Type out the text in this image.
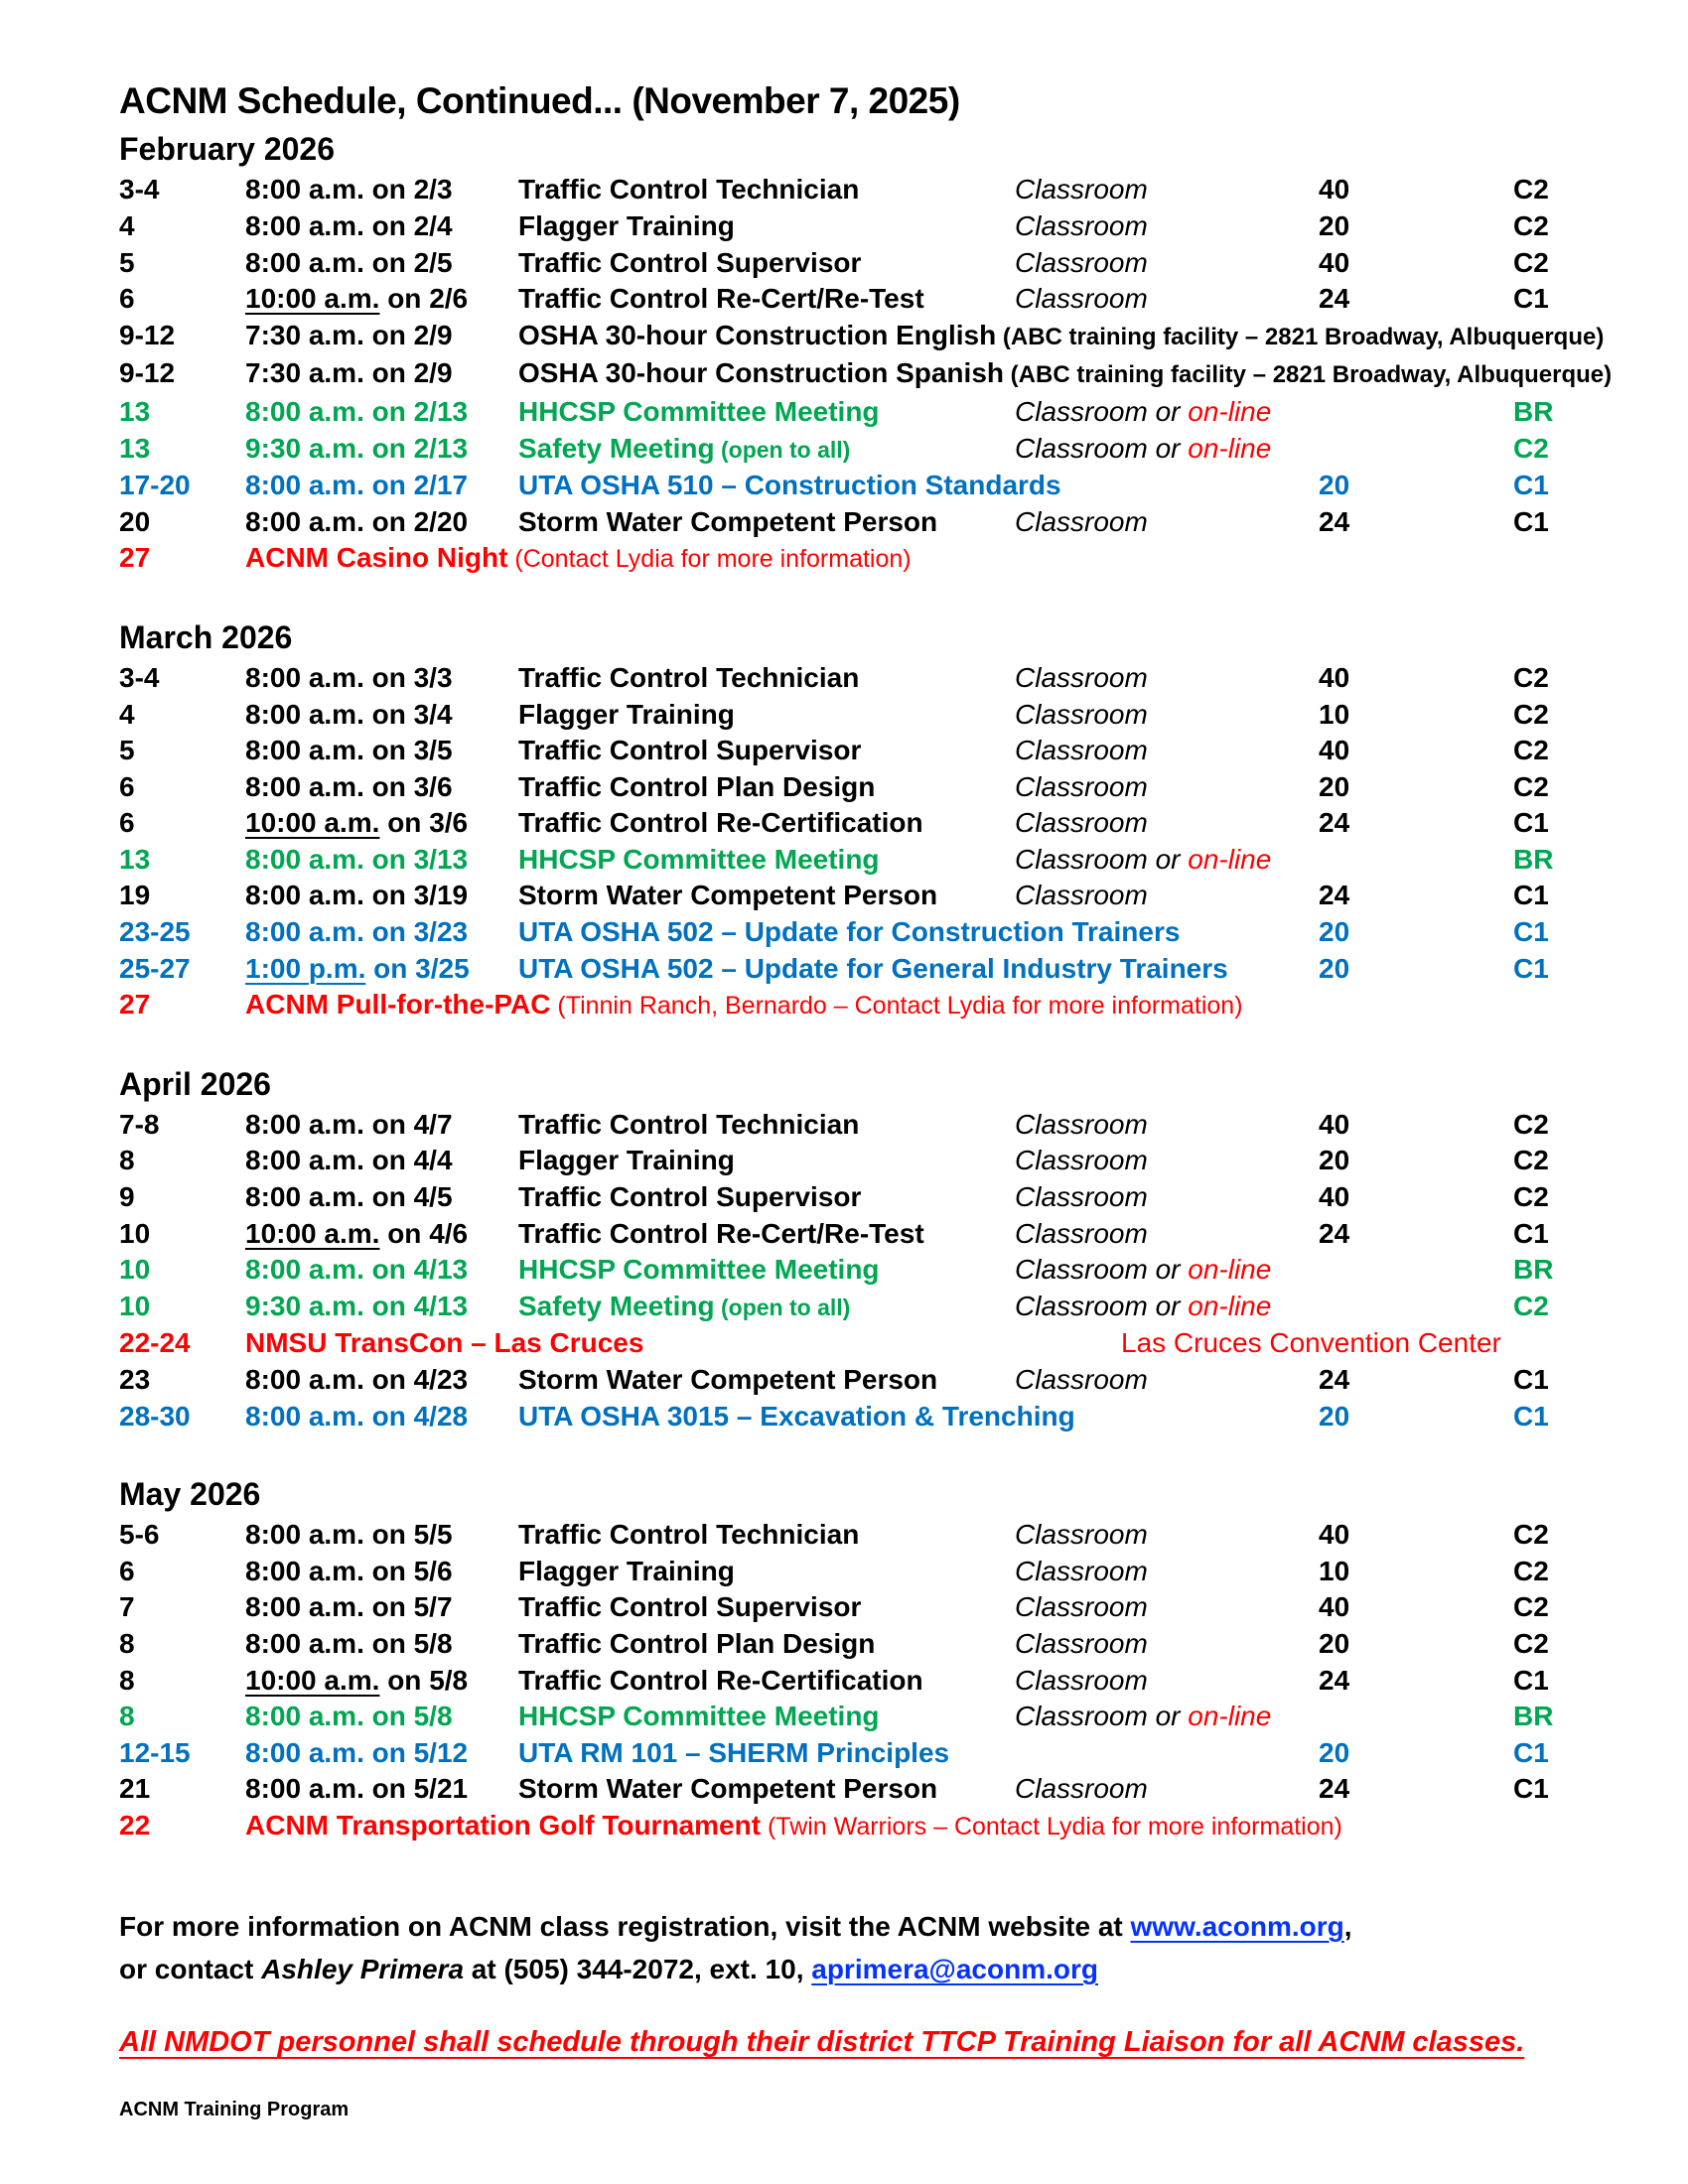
ACNM Schedule, Continued... (November 7, 2025)
February 2026
3-4	8:00 a.m. on 2/3	Traffic Control Technician	Classroom	40	C2
4	8:00 a.m. on 2/4	Flagger Training	Classroom	20	C2
5	8:00 a.m. on 2/5	Traffic Control Supervisor	Classroom	40	C2
6	10:00 a.m. on 2/6	Traffic Control Re-Cert/Re-Test	Classroom	24	C1
9-12	7:30 a.m. on 2/9	OSHA 30-hour Construction English (ABC training facility – 2821 Broadway, Albuquerque)
9-12	7:30 a.m. on 2/9	OSHA 30-hour Construction Spanish (ABC training facility – 2821 Broadway, Albuquerque)
13	8:00 a.m. on 2/13	HHCSP Committee Meeting	Classroom or on-line	BR
13	9:30 a.m. on 2/13	Safety Meeting (open to all)	Classroom or on-line	C2
17-20	8:00 a.m. on 2/17	UTA OSHA 510 – Construction Standards	20	C1
20	8:00 a.m. on 2/20	Storm Water Competent Person	Classroom	24	C1
27	ACNM Casino Night (Contact Lydia for more information)
March 2026
3-4	8:00 a.m. on 3/3	Traffic Control Technician	Classroom	40	C2
4	8:00 a.m. on 3/4	Flagger Training	Classroom	10	C2
5	8:00 a.m. on 3/5	Traffic Control Supervisor	Classroom	40	C2
6	8:00 a.m. on 3/6	Traffic Control Plan Design	Classroom	20	C2
6	10:00 a.m. on 3/6	Traffic Control Re-Certification	Classroom	24	C1
13	8:00 a.m. on 3/13	HHCSP Committee Meeting	Classroom or on-line	BR
19	8:00 a.m. on 3/19	Storm Water Competent Person	Classroom	24	C1
23-25	8:00 a.m. on 3/23	UTA OSHA 502 – Update for Construction Trainers	20	C1
25-27	1:00 p.m. on 3/25	UTA OSHA 502 – Update for General Industry Trainers	20	C1
27	ACNM Pull-for-the-PAC (Tinnin Ranch, Bernardo – Contact Lydia for more information)
April 2026
7-8	8:00 a.m. on 4/7	Traffic Control Technician	Classroom	40	C2
8	8:00 a.m. on 4/4	Flagger Training	Classroom	20	C2
9	8:00 a.m. on 4/5	Traffic Control Supervisor	Classroom	40	C2
10	10:00 a.m. on 4/6	Traffic Control Re-Cert/Re-Test	Classroom	24	C1
10	8:00 a.m. on 4/13	HHCSP Committee Meeting	Classroom or on-line	BR
10	9:30 a.m. on 4/13	Safety Meeting (open to all)	Classroom or on-line	C2
22-24	NMSU TransCon – Las Cruces	Las Cruces Convention Center
23	8:00 a.m. on 4/23	Storm Water Competent Person	Classroom	24	C1
28-30	8:00 a.m. on 4/28	UTA OSHA 3015 – Excavation & Trenching	20	C1
May 2026
5-6	8:00 a.m. on 5/5	Traffic Control Technician	Classroom	40	C2
6	8:00 a.m. on 5/6	Flagger Training	Classroom	10	C2
7	8:00 a.m. on 5/7	Traffic Control Supervisor	Classroom	40	C2
8	8:00 a.m. on 5/8	Traffic Control Plan Design	Classroom	20	C2
8	10:00 a.m. on 5/8	Traffic Control Re-Certification	Classroom	24	C1
8	8:00 a.m. on 5/8	HHCSP Committee Meeting	Classroom or on-line	BR
12-15	8:00 a.m. on 5/12	UTA RM 101 – SHERM Principles	20	C1
21	8:00 a.m. on 5/21	Storm Water Competent Person	Classroom	24	C1
22	ACNM Transportation Golf Tournament (Twin Warriors – Contact Lydia for more information)

For more information on ACNM class registration, visit the ACNM website at www.aconm.org,

or contact Ashley Primera at (505) 344-2072, ext. 10, aprimera@aconm.org

All NMDOT personnel shall schedule through their district TTCP Training Liaison for all ACNM classes.

ACNM Training Program
